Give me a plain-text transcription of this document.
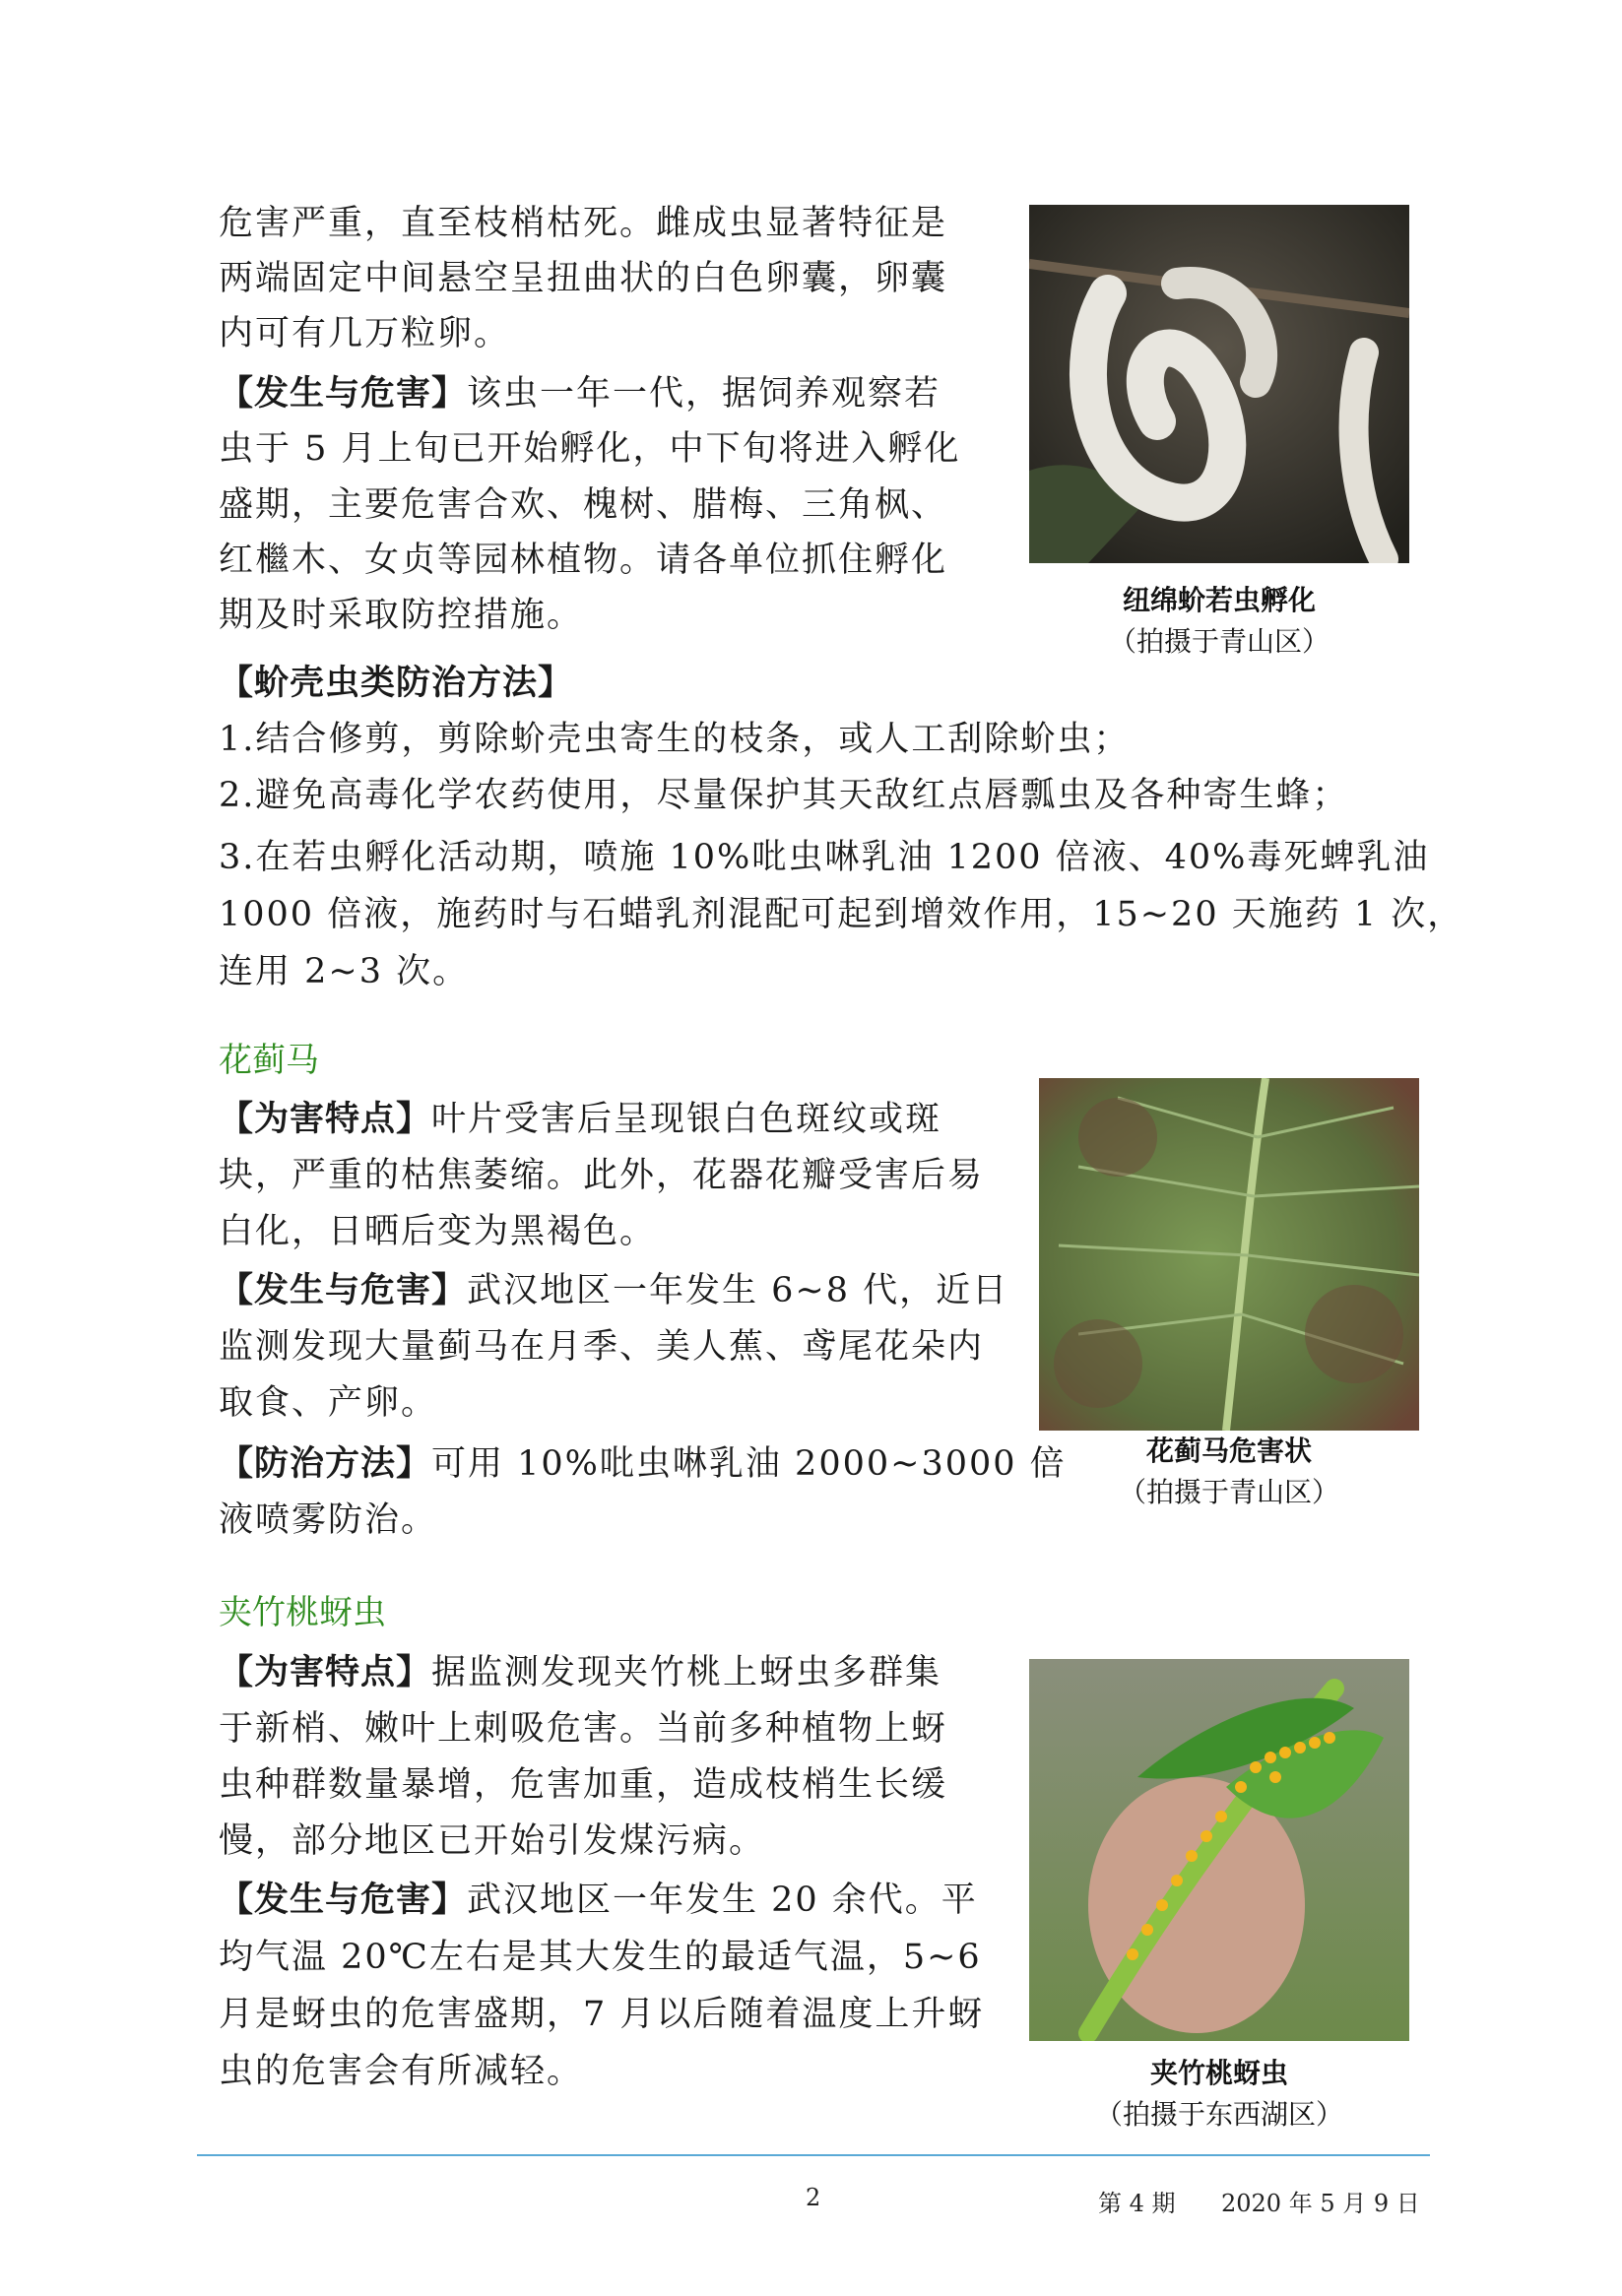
危害严重，直至枝梢枯死。雌成虫显著特征是
两端固定中间悬空呈扭曲状的白色卵囊，卵囊
内可有几万粒卵。
【发生与危害】该虫一年一代，据饲养观察若
虫于 5 月上旬已开始孵化，中下旬将进入孵化
盛期，主要危害合欢、槐树、腊梅、三角枫、
红檵木、女贞等园林植物。请各单位抓住孵化
期及时采取防控措施。	纽绵蚧若虫孵化
（拍摄于青山区）
【蚧壳虫类防治方法】
1.结合修剪，剪除蚧壳虫寄生的枝条，或人工刮除蚧虫；
2.避免高毒化学农药使用，尽量保护其天敌红点唇瓢虫及各种寄生蜂；
3.在若虫孵化活动期，喷施 10%吡虫啉乳油 1200 倍液、40%毒死蜱乳油
1000 倍液，施药时与石蜡乳剂混配可起到增效作用，15~20 天施药 1 次，
连用 2~3 次。
花蓟马
【为害特点】叶片受害后呈现银白色斑纹或斑
块，严重的枯焦萎缩。此外，花器花瓣受害后易
白化，日晒后变为黑褐色。
【发生与危害】武汉地区一年发生 6~8 代，近日
监测发现大量蓟马在月季、美人蕉、鸢尾花朵内
取食、产卵。
【防治方法】可用 10%吡虫啉乳油 2000~3000 倍
液喷雾防治。
花蓟马危害状
（拍摄于青山区）
夹竹桃蚜虫
【为害特点】据监测发现夹竹桃上蚜虫多群集
于新梢、嫩叶上刺吸危害。当前多种植物上蚜
虫种群数量暴增，危害加重，造成枝梢生长缓
慢，部分地区已开始引发煤污病。
【发生与危害】武汉地区一年发生 20 余代。平
均气温 20℃左右是其大发生的最适气温，5~6
月是蚜虫的危害盛期，7 月以后随着温度上升蚜
虫的危害会有所减轻。	夹竹桃蚜虫
（拍摄于东西湖区）
2	第 4 期 2020 年 5 月 9 日
